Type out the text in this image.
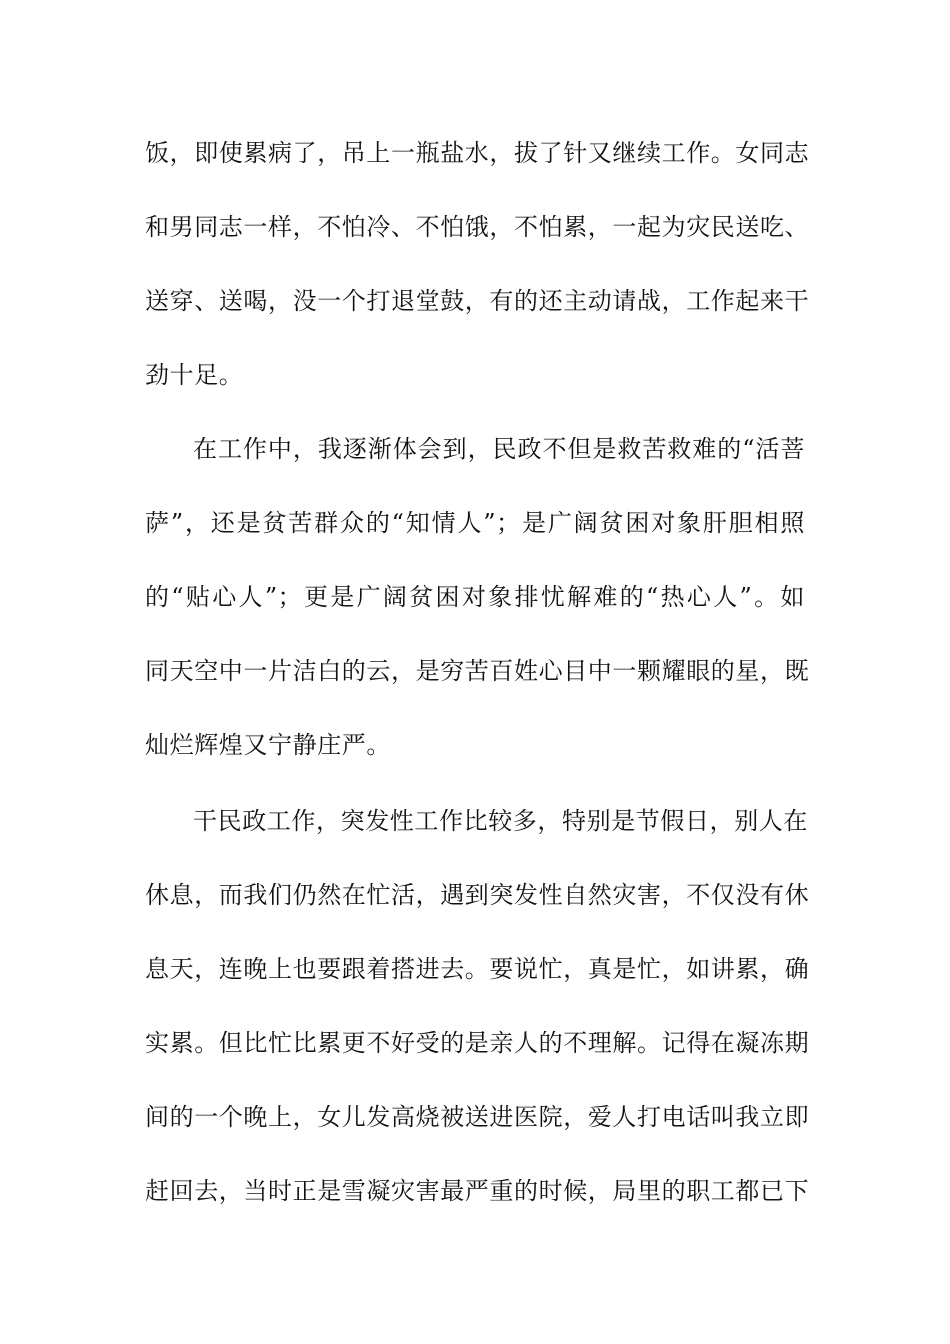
饭，即使累病了，吊上一瓶盐水，拔了针又继续工作。女同志
和男同志一样，不怕冷、不怕饿，不怕累，一起为灾民送吃、
送穿、送喝，没一个打退堂鼓，有的还主动请战，工作起来干
劲十足。
在工作中，我逐渐体会到，民政不但是救苦救难的“活菩
萨”，还是贫苦群众的“知情人”；是广阔贫困对象肝胆相照
的“贴心人”；更是广阔贫困对象排忧解难的“热心人”。如
同天空中一片洁白的云，是穷苦百姓心目中一颗耀眼的星，既
灿烂辉煌又宁静庄严。
干民政工作，突发性工作比较多，特别是节假日，别人在
休息，而我们仍然在忙活，遇到突发性自然灾害，不仅没有休
息天，连晚上也要跟着搭进去。要说忙，真是忙，如讲累，确
实累。但比忙比累更不好受的是亲人的不理解。记得在凝冻期
间的一个晚上，女儿发高烧被送进医院，爱人打电话叫我立即
赶回去，当时正是雪凝灾害最严重的时候，局里的职工都已下
